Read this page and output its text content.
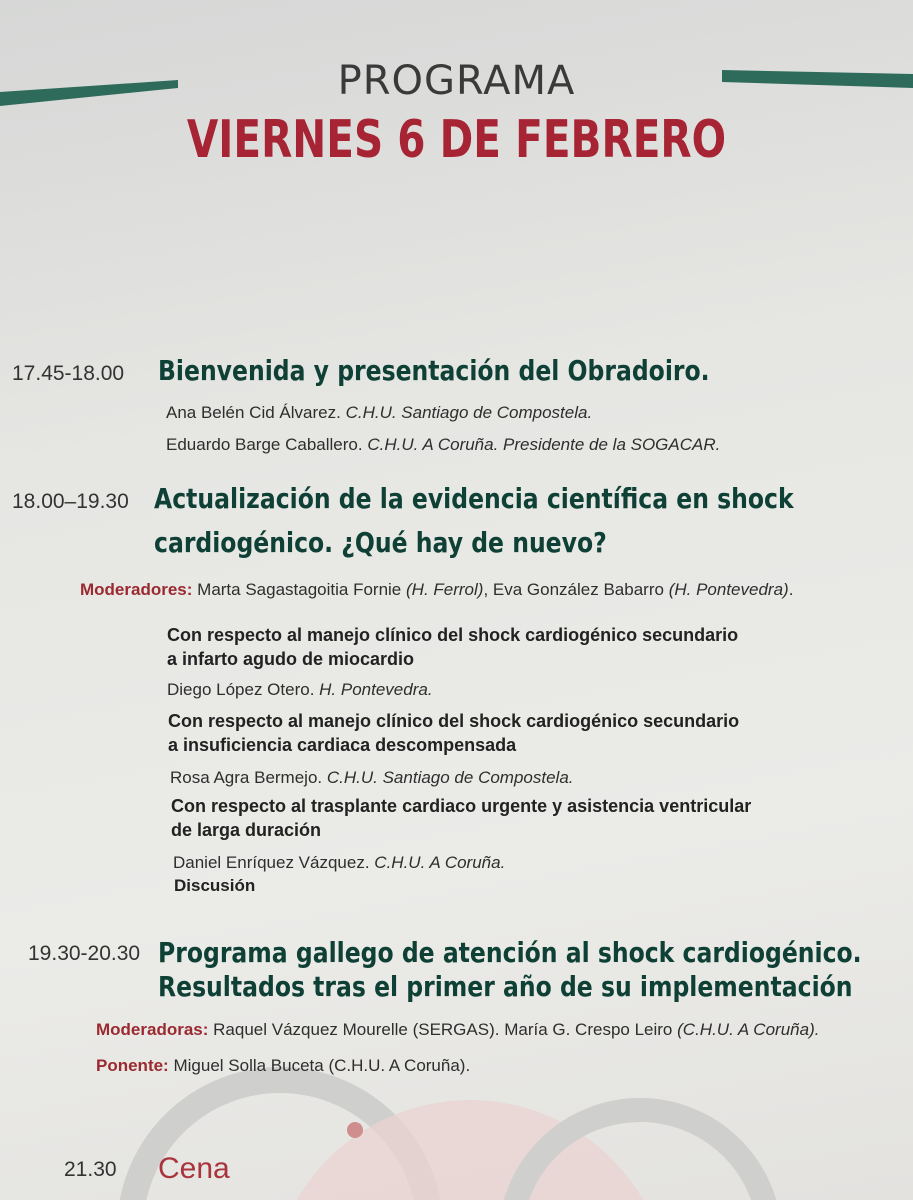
PROGRAMA
VIERNES 6 DE FEBRERO
17.45-18.00 Bienvenida y presentación del Obradoiro.
Ana Belén Cid Álvarez. C.H.U. Santiago de Compostela.
Eduardo Barge Caballero. C.H.U. A Coruña. Presidente de la SOGACAR.
18.00–19.30 Actualización de la evidencia científica en shock
cardiogénico. ¿Qué hay de nuevo?
Moderadores: Marta Sagastagoitia Fornie (H. Ferrol), Eva González Babarro (H. Pontevedra).
Con respecto al manejo clínico del shock cardiogénico secundario
a infarto agudo de miocardio
Diego López Otero. H. Pontevedra.
Con respecto al manejo clínico del shock cardiogénico secundario
a insuficiencia cardiaca descompensada
Rosa Agra Bermejo. C.H.U. Santiago de Compostela.
Con respecto al trasplante cardiaco urgente y asistencia ventricular
de larga duración
Daniel Enríquez Vázquez. C.H.U. A Coruña.
Discusión
19.30-20.30 Programa gallego de atención al shock cardiogénico.
Resultados tras el primer año de su implementación
Moderadoras: Raquel Vázquez Mourelle (SERGAS). María G. Crespo Leiro (C.H.U. A Coruña).
Ponente: Miguel Solla Buceta (C.H.U. A Coruña).
21.30 Cena
